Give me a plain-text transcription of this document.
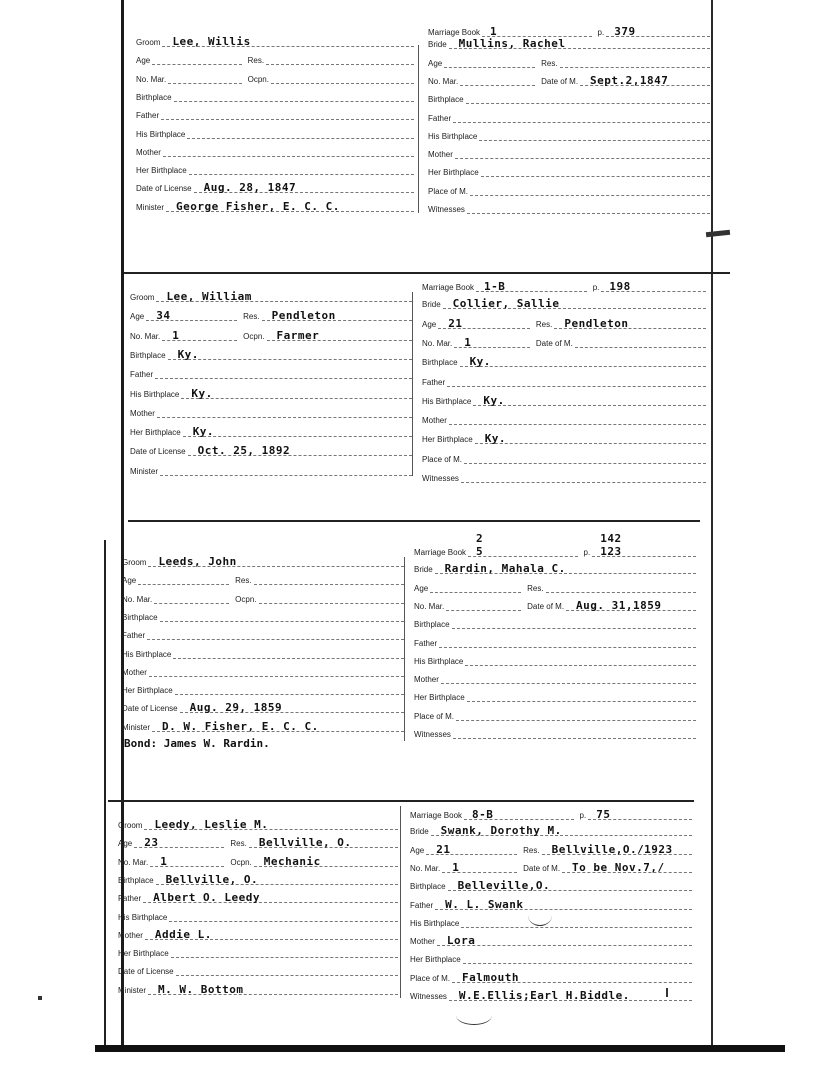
Groom Lee, Willis
Age	Res.
No. Mar.	Ocpn.
Birthplace
Father
His Birthplace
Mother
Her Birthplace
Date of License Aug. 28, 1847
Minister George Fisher, E. C. C.
Marriage Book 1	p. 379
Bride Mullins, Rachel
Age	Res.
No. Mar.	Date of M. Sept.2,1847
Birthplace
Father
His Birthplace
Mother
Her Birthplace
Place of M.
Witnesses
Groom Lee, William
Age 34	Res. Pendleton
No. Mar. 1	Ocpn. Farmer
Birthplace Ky.
Father
His Birthplace Ky.
Mother
Her Birthplace Ky.
Date of License Oct. 25, 1892
Minister
Marriage Book 1-B	p. 198
Bride Collier, Sallie
Age 21	Res. Pendleton
No. Mar. 1	Date of M.
Birthplace Ky.
Father
His Birthplace Ky.
Mother
Her Birthplace Ky.
Place of M.
Witnesses
Groom Leeds, John
Age	Res.
No. Mar.	Ocpn.
Birthplace
Father
His Birthplace
Mother
Her Birthplace
Date of License Aug. 29, 1859
Minister D. W. Fisher, E. C. C.
Marriage Book 5
2
p. 123
142
Bride Rardin, Mahala C.
Age	Res.
No. Mar.	Date of M. Aug. 31,1859
Birthplace
Father
His Birthplace
Mother
Her Birthplace
Place of M.
Witnesses
Groom Leedy, Leslie M.
Age 23	Res. Bellville, O.
No. Mar. 1	Ocpn. Mechanic
Birthplace Bellville, O.
Father Albert O. Leedy
His Birthplace
Mother Addie L.
Her Birthplace
Date of License
Minister M. W. Bottom
Marriage Book 8-B	p. 75
Bride Swank, Dorothy M.
Age 21	Res. Bellville,O./1923
No. Mar. 1	Date of M. To be Nov.7,/
Birthplace Belleville,O.
Father W. L. Swank
His Birthplace
Mother Lora
Her Birthplace
Place of M. Falmouth
Witnesses W.E.Ellis;Earl H.Biddle.
Bond: James W. Rardin.
